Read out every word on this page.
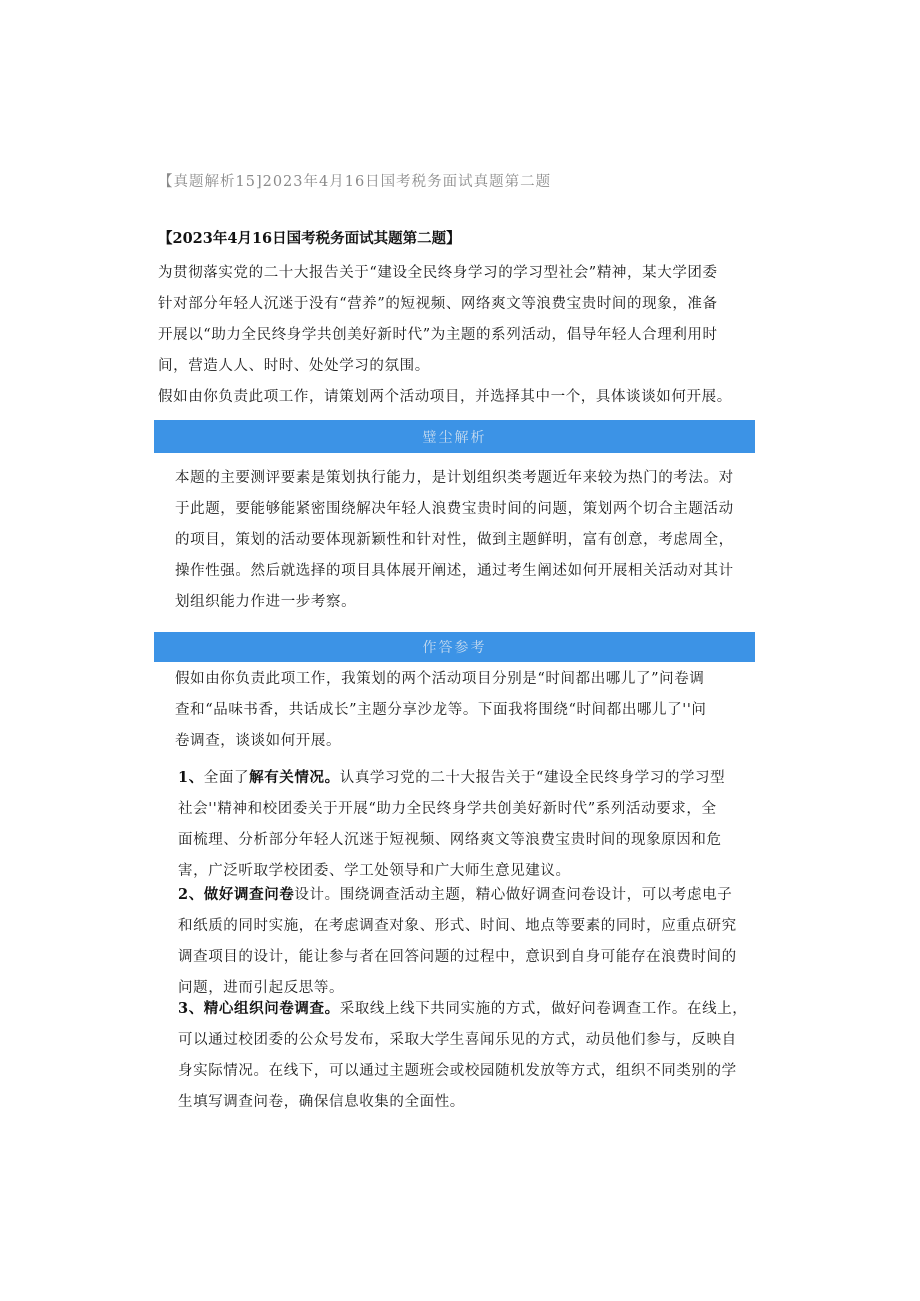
【真题解析15]2023年4月16日国考税务面试真题第二题
【2023年4月16日国考税务面试其题第二题】

为贯彻落实党的二十大报告关于“建设全民终身学习的学习型社会”精神，某大学团委
针对部分年轻人沉迷于没有“营养”的短视频、网络爽文等浪费宝贵时间的现象，准备
开展以“助力全民终身学共创美好新时代”为主题的系列活动，倡导年轻人合理利用时
间，营造人人、时时、处处学习的氛围。

假如由你负责此项工作，请策划两个活动项目，并选择其中一个，具体谈谈如何开展。

璧尘解析

本题的主要测评要素是策划执行能力，是计划组织类考题近年来较为热门的考法。对
于此题，要能够能紧密围绕解决年轻人浪费宝贵时间的问题，策划两个切合主题活动
的项目，策划的活动要体现新颖性和针对性，做到主题鲜明，富有创意，考虑周全，
操作性强。然后就选择的项目具体展开阐述，通过考生阐述如何开展相关活动对其计
划组织能力作进一步考察。

作答参考

假如由你负责此项工作，我策划的两个活动项目分别是“时间都出哪儿了”问卷调
查和“品味书香，共话成长”主题分享沙龙等。下面我将围绕“时间都出哪儿了''问
卷调查，谈谈如何开展。

1、全面了解有关情况。认真学习党的二十大报告关于“建设全民终身学习的学习型
社会''精神和校团委关于开展“助力全民终身学共创美好新时代”系列活动要求，全
面梳理、分析部分年轻人沉迷于短视频、网络爽文等浪费宝贵时间的现象原因和危
害，广泛听取学校团委、学工处领导和广大师生意见建议。

2、做好调查问卷设计。围绕调查活动主题，精心做好调查问卷设计，可以考虑电子
和纸质的同时实施，在考虑调查对象、形式、时间、地点等要素的同时，应重点研究
调查项目的设计，能让参与者在回答问题的过程中，意识到自身可能存在浪费时间的
问题，进而引起反思等。

3、精心组织问卷调查。采取线上线下共同实施的方式，做好问卷调查工作。在线上，
可以通过校团委的公众号发布，采取大学生喜闻乐见的方式，动员他们参与，反映自
身实际情况。在线下，可以通过主题班会或校园随机发放等方式，组织不同类别的学
生填写调查问卷，确保信息收集的全面性。
